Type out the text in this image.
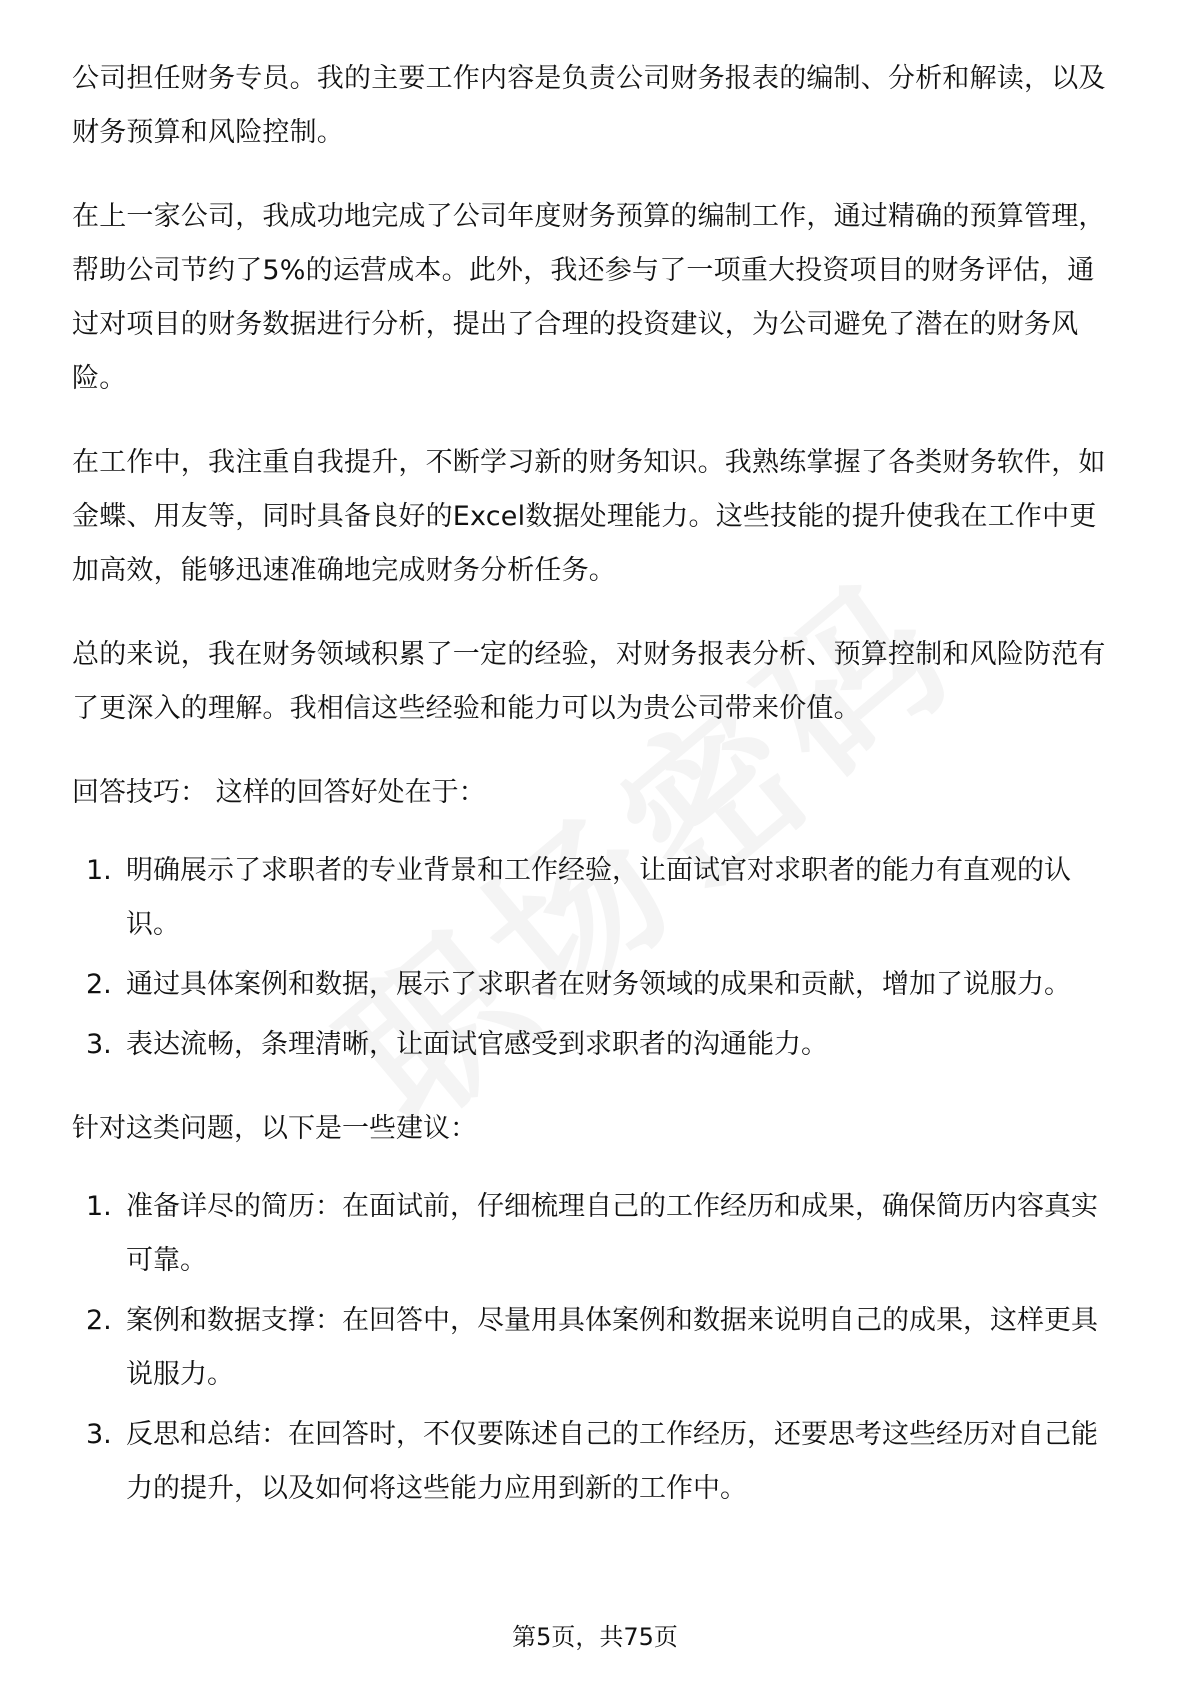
公司担任财务专员。我的主要工作内容是负责公司财务报表的编制、分析和解读，以及财务预算和风险控制。

在上一家公司，我成功地完成了公司年度财务预算的编制工作，通过精确的预算管理，帮助公司节约了5%的运营成本。此外，我还参与了一项重大投资项目的财务评估，通过对项目的财务数据进行分析，提出了合理的投资建议，为公司避免了潜在的财务风险。

在工作中，我注重自我提升，不断学习新的财务知识。我熟练掌握了各类财务软件，如金蝶、用友等，同时具备良好的Excel数据处理能力。这些技能的提升使我在工作中更加高效，能够迅速准确地完成财务分析任务。

总的来说，我在财务领域积累了一定的经验，对财务报表分析、预算控制和风险防范有了更深入的理解。我相信这些经验和能力可以为贵公司带来价值。

回答技巧： 这样的回答好处在于：

1. 明确展示了求职者的专业背景和工作经验，让面试官对求职者的能力有直观的认识。
2. 通过具体案例和数据，展示了求职者在财务领域的成果和贡献，增加了说服力。
3. 表达流畅，条理清晰，让面试官感受到求职者的沟通能力。

针对这类问题，以下是一些建议：

1. 准备详尽的简历：在面试前，仔细梳理自己的工作经历和成果，确保简历内容真实可靠。
2. 案例和数据支撑：在回答中，尽量用具体案例和数据来说明自己的成果，这样更具说服力。
3. 反思和总结：在回答时，不仅要陈述自己的工作经历，还要思考这些经历对自己能力的提升，以及如何将这些能力应用到新的工作中。
第5页，共75页
